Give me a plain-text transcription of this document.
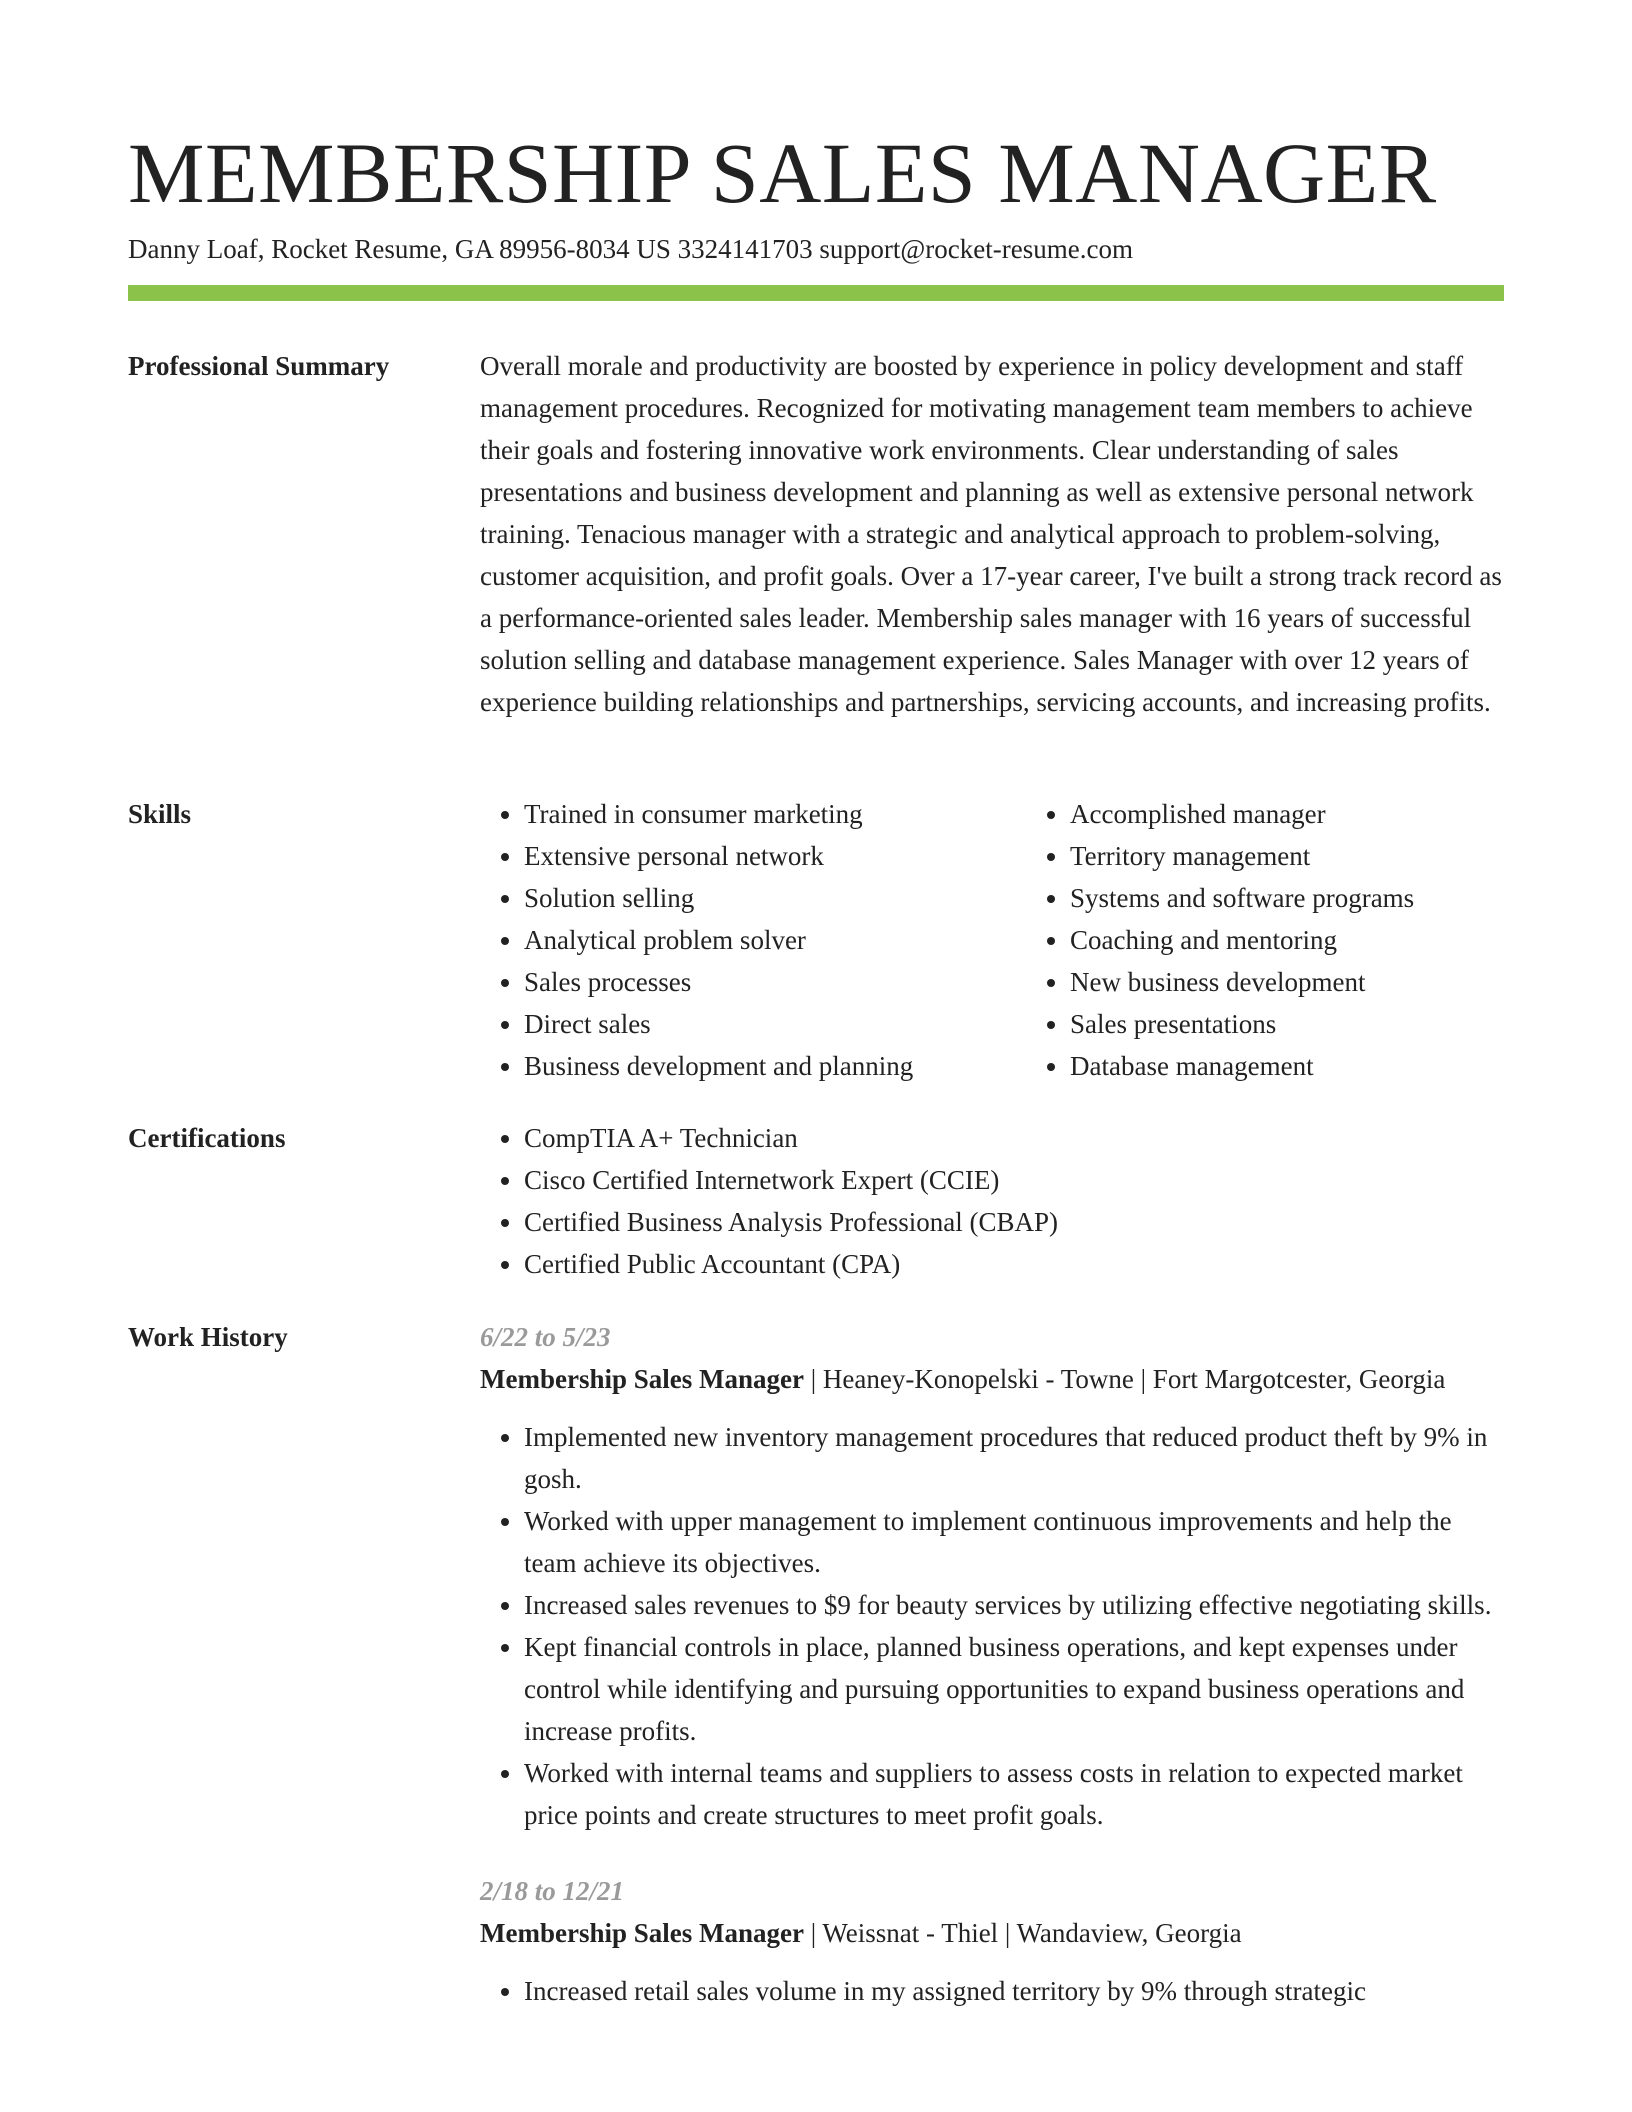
MEMBERSHIP SALES MANAGER
Danny Loaf, Rocket Resume, GA 89956-8034 US 3324141703 support@rocket-resume.com
Professional Summary	Overall morale and productivity are boosted by experience in policy development and staff management procedures. Recognized for motivating management team members to achieve their goals and fostering innovative work environments. Clear understanding of sales presentations and business development and planning as well as extensive personal network training. Tenacious manager with a strategic and analytical approach to problem-solving, customer acquisition, and profit goals. Over a 17-year career, I've built a strong track record as a performance-oriented sales leader. Membership sales manager with 16 years of successful solution selling and database management experience. Sales Manager with over 12 years of experience building relationships and partnerships, servicing accounts, and increasing profits.

Skills	• Trained in consumer marketing
• Extensive personal network
• Solution selling
• Analytical problem solver
• Sales processes
• Direct sales
• Business development and planning
• Accomplished manager
• Territory management
• Systems and software programs
• Coaching and mentoring
• New business development
• Sales presentations
• Database management
Certifications	• CompTIA A+ Technician
• Cisco Certified Internetwork Expert (CCIE)
• Certified Business Analysis Professional (CBAP)
• Certified Public Accountant (CPA)
Work History	6/22 to 5/23
Membership Sales Manager | Heaney-Konopelski - Towne | Fort Margotcester, Georgia
• Implemented new inventory management procedures that reduced product theft by 9% in gosh.
• Worked with upper management to implement continuous improvements and help the team achieve its objectives.
• Increased sales revenues to $9 for beauty services by utilizing effective negotiating skills.
• Kept financial controls in place, planned business operations, and kept expenses under control while identifying and pursuing opportunities to expand business operations and increase profits.
• Worked with internal teams and suppliers to assess costs in relation to expected market price points and create structures to meet profit goals.
2/18 to 12/21
Membership Sales Manager | Weissnat - Thiel | Wandaview, Georgia
• Increased retail sales volume in my assigned territory by 9% through strategic
